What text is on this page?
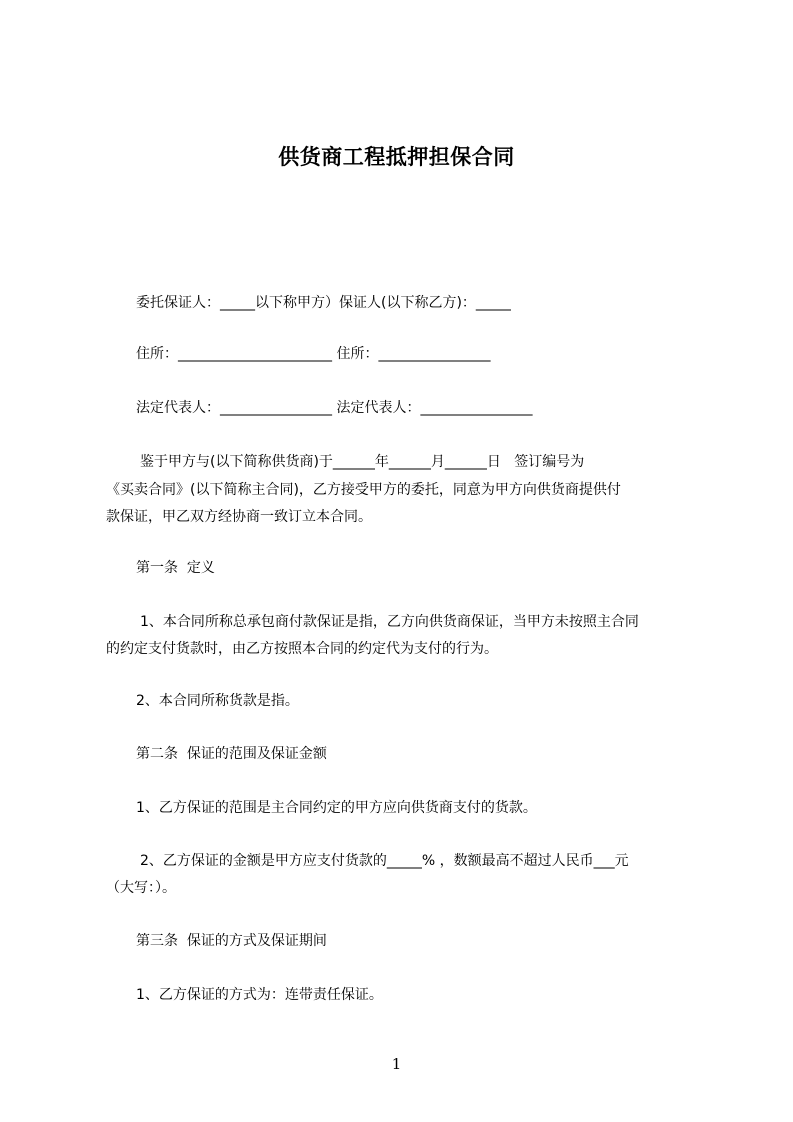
供货商工程抵押担保合同
委托保证人：_____以下称甲方）保证人(以下称乙方)：_____
住所：______________________ 住所：________________
法定代表人：________________ 法定代表人：________________
鉴于甲方与(以下简称供货商)于______年______月______日   签订编号为
《买卖合同》(以下简称主合同)，乙方接受甲方的委托，同意为甲方向供货商提供付
款保证，甲乙双方经协商一致订立本合同。
第一条  定义
1、本合同所称总承包商付款保证是指，乙方向供货商保证，当甲方未按照主合同
的约定支付货款时，由乙方按照本合同的约定代为支付的行为。
2、本合同所称货款是指。
第二条  保证的范围及保证金额
1、乙方保证的范围是主合同约定的甲方应向供货商支付的货款。
2、乙方保证的金额是甲方应支付货款的_____% ，数额最高不超过人民币___元
（大写：）。
第三条  保证的方式及保证期间
1、乙方保证的方式为：连带责任保证。
1
